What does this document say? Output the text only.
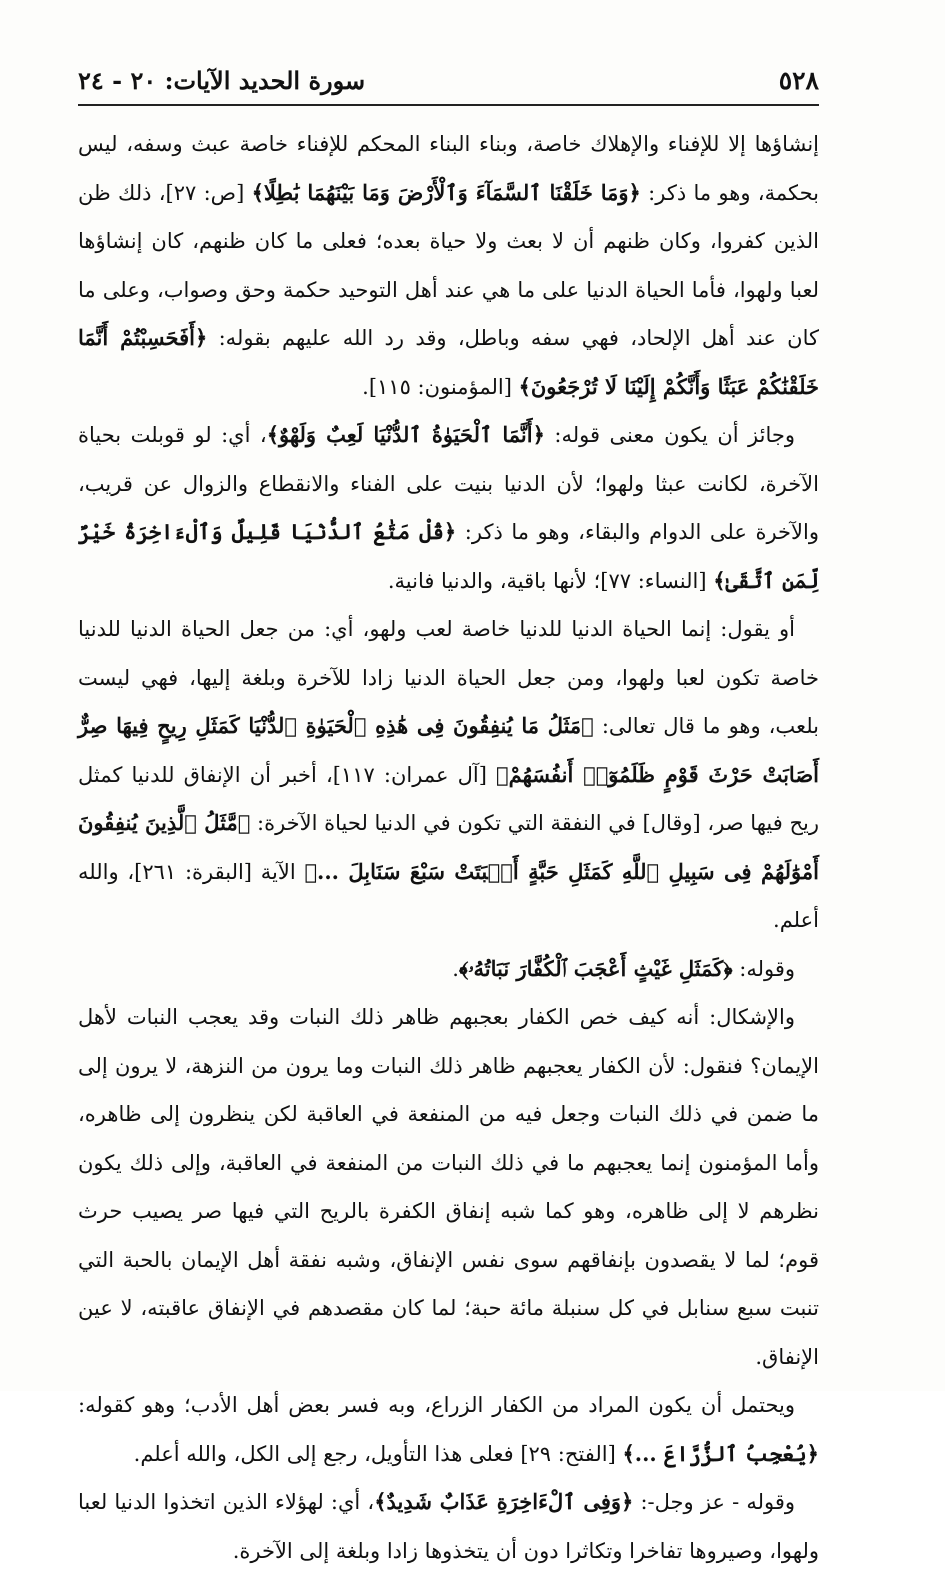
٥٢٨
سورة الحديد الآيات: ٢٠ - ٢٤

إنشاؤها إلا للإفناء والإهلاك خاصة، وبناء البناء المحكم للإفناء خاصة عبث وسفه، ليس بحكمة، وهو ما ذكر: ﴿وَمَا خَلَقْنَا ٱلسَّمَآءَ وَٱلْأَرْضَ وَمَا بَيْنَهُمَا بَٰطِلًا﴾ [ص: ٢٧]، ذلك ظن الذين كفروا، وكان ظنهم أن لا بعث ولا حياة بعده؛ فعلى ما كان ظنهم، كان إنشاؤها لعبا ولهوا، فأما الحياة الدنيا على ما هي عند أهل التوحيد حكمة وحق وصواب، وعلى ما كان عند أهل الإلحاد، فهي سفه وباطل، وقد رد الله عليهم بقوله: ﴿أَفَحَسِبْتُمْ أَنَّمَا خَلَقْنَٰكُمْ عَبَثًا وَأَنَّكُمْ إِلَيْنَا لَا تُرْجَعُونَ﴾ [المؤمنون: ١١٥].

وجائز أن يكون معنى قوله: ﴿أَنَّمَا ٱلْحَيَوٰةُ ٱلدُّنْيَا لَعِبٌ وَلَهْوٌ﴾، أي: لو قوبلت بحياة الآخرة، لكانت عبثا ولهوا؛ لأن الدنيا بنيت على الفناء والانقطاع والزوال عن قريب، والآخرة على الدوام والبقاء، وهو ما ذكر: ﴿قُلْ مَتَٰعُ ٱلدُّنْيَا قَلِيلٌ وَٱلْءَاخِرَةُ خَيْرٌ لِّمَنِ ٱتَّقَىٰ﴾ [النساء: ٧٧]؛ لأنها باقية، والدنيا فانية.

أو يقول: إنما الحياة الدنيا للدنيا خاصة لعب ولهو، أي: من جعل الحياة الدنيا للدنيا خاصة تكون لعبا ولهوا، ومن جعل الحياة الدنيا زادا للآخرة وبلغة إليها، فهي ليست بلعب، وهو ما قال تعالى: ﴿مَثَلُ مَا يُنفِقُونَ فِى هَٰذِهِ ٱلْحَيَوٰةِ ٱلدُّنْيَا كَمَثَلِ رِيحٍ فِيهَا صِرٌّ أَصَابَتْ حَرْثَ قَوْمٍ ظَلَمُوٓا۟ أَنفُسَهُمْ﴾ [آل عمران: ١١٧]، أخبر أن الإنفاق للدنيا كمثل ريح فيها صر، [وقال] في النفقة التي تكون في الدنيا لحياة الآخرة: ﴿مَّثَلُ ٱلَّذِينَ يُنفِقُونَ أَمْوَٰلَهُمْ فِى سَبِيلِ ٱللَّهِ كَمَثَلِ حَبَّةٍ أَنۢبَتَتْ سَبْعَ سَنَابِلَ ...﴾ الآية [البقرة: ٢٦١]، والله أعلم.

وقوله: ﴿كَمَثَلِ غَيْثٍ أَعْجَبَ ٱلْكُفَّارَ نَبَاتُهُۥ﴾.

والإشكال: أنه كيف خص الكفار بعجبهم ظاهر ذلك النبات وقد يعجب النبات لأهل الإيمان؟ فنقول: لأن الكفار يعجبهم ظاهر ذلك النبات وما يرون من النزهة، لا يرون إلى ما ضمن في ذلك النبات وجعل فيه من المنفعة في العاقبة لكن ينظرون إلى ظاهره، وأما المؤمنون إنما يعجبهم ما في ذلك النبات من المنفعة في العاقبة، وإلى ذلك يكون نظرهم لا إلى ظاهره، وهو كما شبه إنفاق الكفرة بالريح التي فيها صر يصيب حرث قوم؛ لما لا يقصدون بإنفاقهم سوى نفس الإنفاق، وشبه نفقة أهل الإيمان بالحبة التي تنبت سبع سنابل في كل سنبلة مائة حبة؛ لما كان مقصدهم في الإنفاق عاقبته، لا عين الإنفاق.

ويحتمل أن يكون المراد من الكفار الزراع، وبه فسر بعض أهل الأدب؛ وهو كقوله: ﴿يُعْجِبُ ٱلزُّرَّاعَ ...﴾ [الفتح: ٢٩] فعلى هذا التأويل، رجع إلى الكل، والله أعلم.

وقوله - عز وجل-: ﴿وَفِى ٱلْءَاخِرَةِ عَذَابٌ شَدِيدٌ﴾، أي: لهؤلاء الذين اتخذوا الدنيا لعبا ولهوا، وصيروها تفاخرا وتكاثرا دون أن يتخذوها زادا وبلغة إلى الآخرة.
